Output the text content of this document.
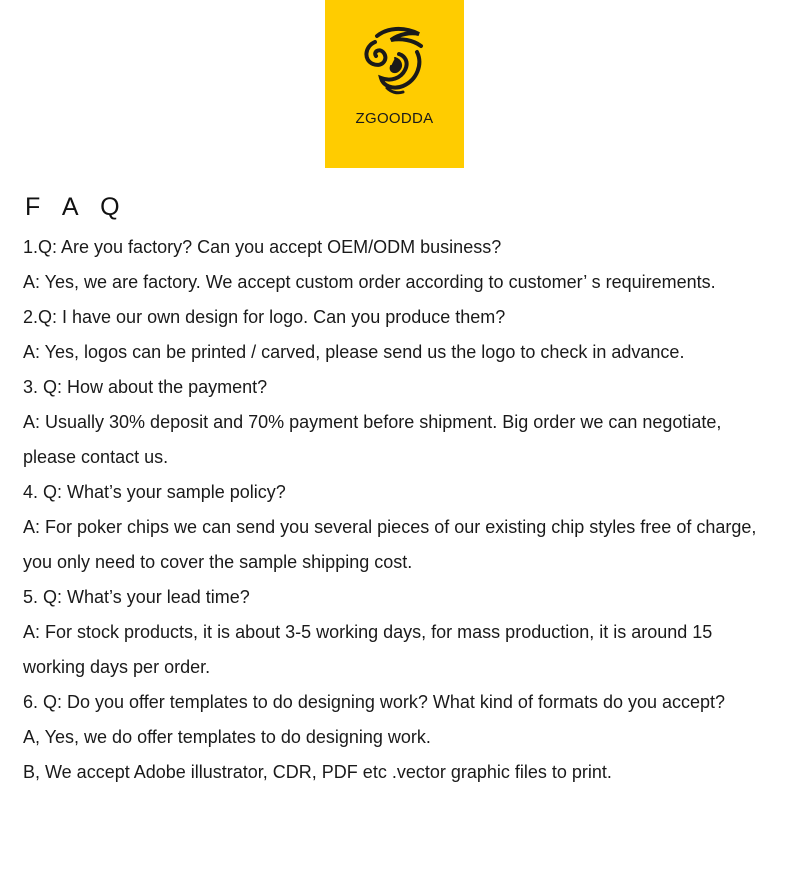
ZGOODDA
F A Q
1.Q: Are you factory? Can you accept OEM/ODM business?
A: Yes, we are factory. We accept custom order according to customer’ s requirements.
2.Q: I have our own design for logo. Can you produce them?
A: Yes, logos can be printed / carved, please send us the logo to check in advance.
3. Q: How about the payment?
A: Usually 30% deposit and 70% payment before shipment. Big order we can negotiate,
please contact us.
4. Q: What’s your sample policy?
A: For poker chips we can send you several pieces of our existing chip styles free of charge,
you only need to cover the sample shipping cost.
5. Q: What’s your lead time?
A: For stock products, it is about 3-5 working days, for mass production, it is around 15
working days per order.
6. Q: Do you offer templates to do designing work? What kind of formats do you accept?
A, Yes, we do offer templates to do designing work.
B, We accept Adobe illustrator, CDR, PDF etc .vector graphic files to print.
